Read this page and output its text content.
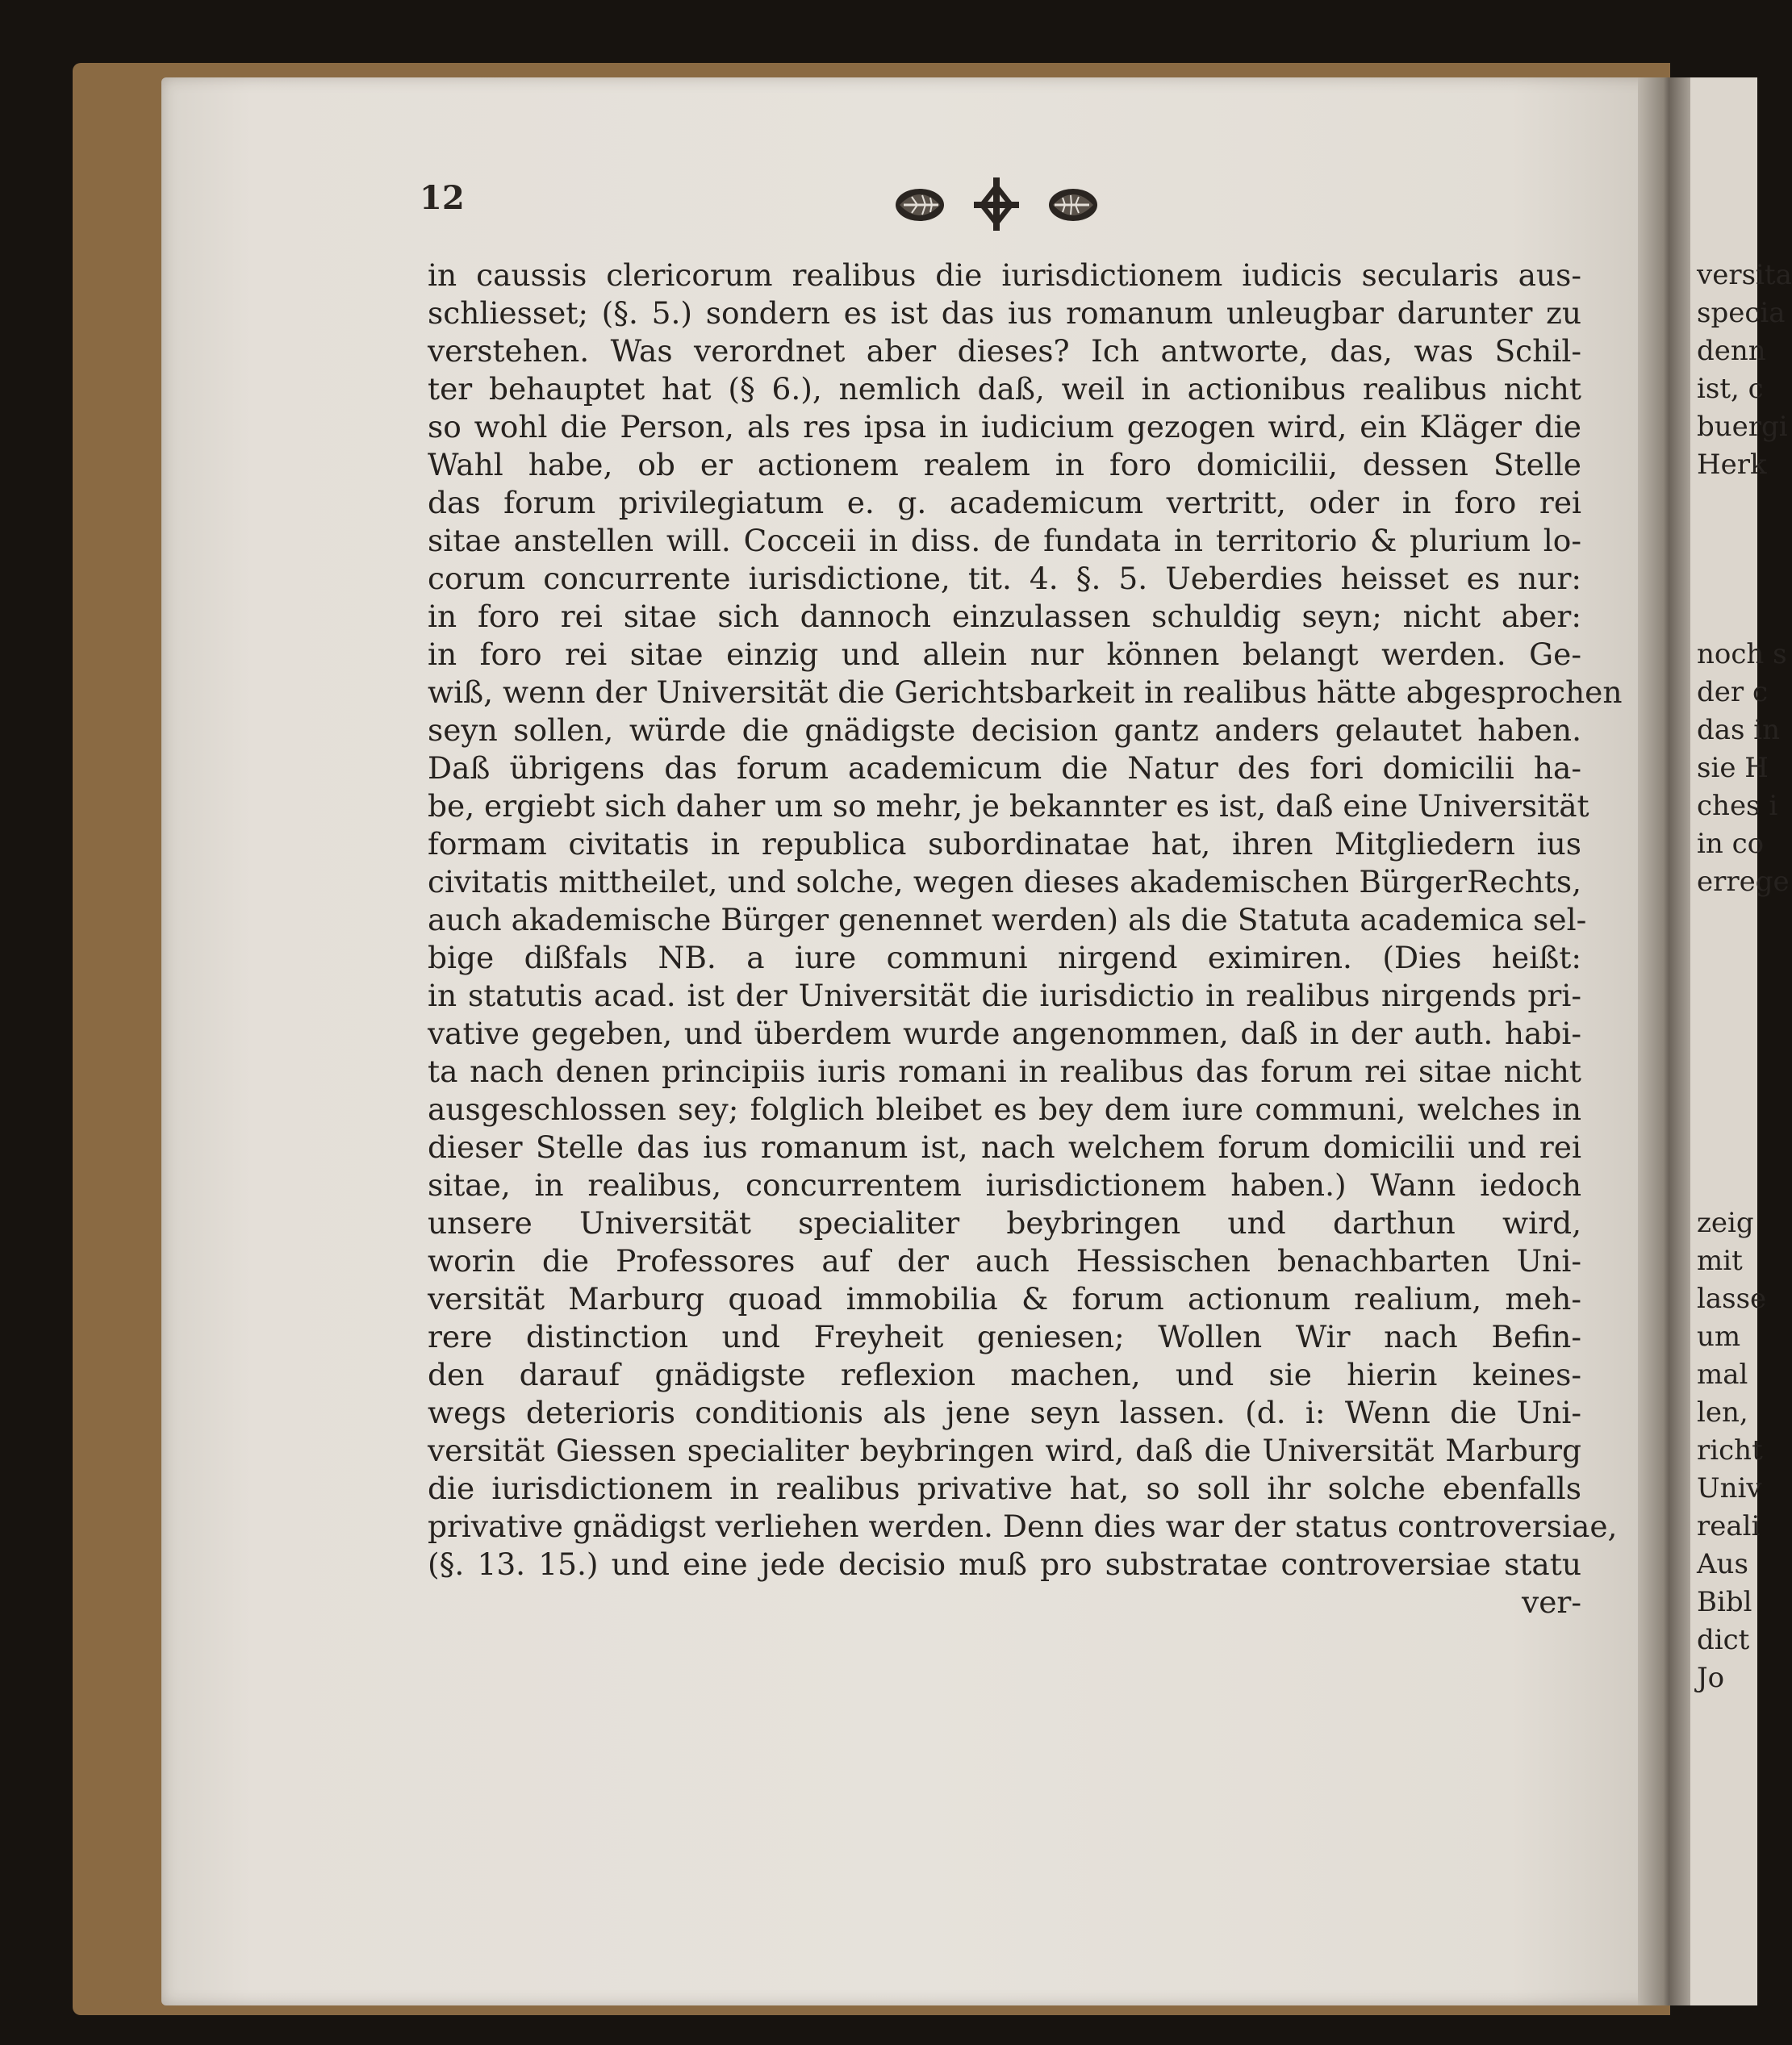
12
in caussis clericorum realibus die iurisdictionem iudicis secularis aus-
schliesset; (§. 5.) sondern es ist das ius romanum unleugbar darunter zu
verstehen. Was verordnet aber dieses? Ich antworte, das, was Schil-
ter behauptet hat (§ 6.), nemlich daß, weil in actionibus realibus nicht
so wohl die Person, als res ipsa in iudicium gezogen wird, ein Kläger die
Wahl habe, ob er actionem realem in foro domicilii, dessen Stelle
das forum privilegiatum e. g. academicum vertritt, oder in foro rei
sitae anstellen will. Cocceii in diss. de fundata in territorio & plurium lo-
corum concurrente iurisdictione, tit. 4. §. 5. Ueberdies heisset es nur:
in foro rei sitae sich dannoch einzulassen schuldig seyn; nicht aber:
in foro rei sitae einzig und allein nur können belangt werden. Ge-
wiß, wenn der Universität die Gerichtsbarkeit in realibus hätte abgesprochen
seyn sollen, würde die gnädigste decision gantz anders gelautet haben.
Daß übrigens das forum academicum die Natur des fori domicilii ha-
be, ergiebt sich daher um so mehr, je bekannter es ist, daß eine Universität
formam civitatis in republica subordinatae hat, ihren Mitgliedern ius
civitatis mittheilet, und solche, wegen dieses akademischen BürgerRechts,
auch akademische Bürger genennet werden) als die Statuta academica sel-
bige dißfals NB. a iure communi nirgend eximiren. (Dies heißt:
in statutis acad. ist der Universität die iurisdictio in realibus nirgends pri-
vative gegeben, und überdem wurde angenommen, daß in der auth. habi-
ta nach denen principiis iuris romani in realibus das forum rei sitae nicht
ausgeschlossen sey; folglich bleibet es bey dem iure communi, welches in
dieser Stelle das ius romanum ist, nach welchem forum domicilii und rei
sitae, in realibus, concurrentem iurisdictionem haben.) Wann iedoch
unsere Universität specialiter beybringen und darthun wird,
worin die Professores auf der auch Hessischen benachbarten Uni-
versität Marburg quoad immobilia & forum actionum realium, meh-
rere distinction und Freyheit geniesen; Wollen Wir nach Befin-
den darauf gnädigste reflexion machen, und sie hierin keines-
wegs deterioris conditionis als jene seyn lassen. (d. i: Wenn die Uni-
versität Giessen specialiter beybringen wird, daß die Universität Marburg
die iurisdictionem in realibus privative hat, so soll ihr solche ebenfalls
privative gnädigst verliehen werden. Denn dies war der status controversiae,
(§. 13. 15.) und eine jede decisio muß pro substratae controversiae statu
ver-
versita
specia
denn
ist, c
buergi
Herk
noch s
der c
das in
sie H
ches i
in co
errege
zeig
mit
lasse
um
mal
len,
richt
Univ
reali
Aus
Bibl
dict
Jo
